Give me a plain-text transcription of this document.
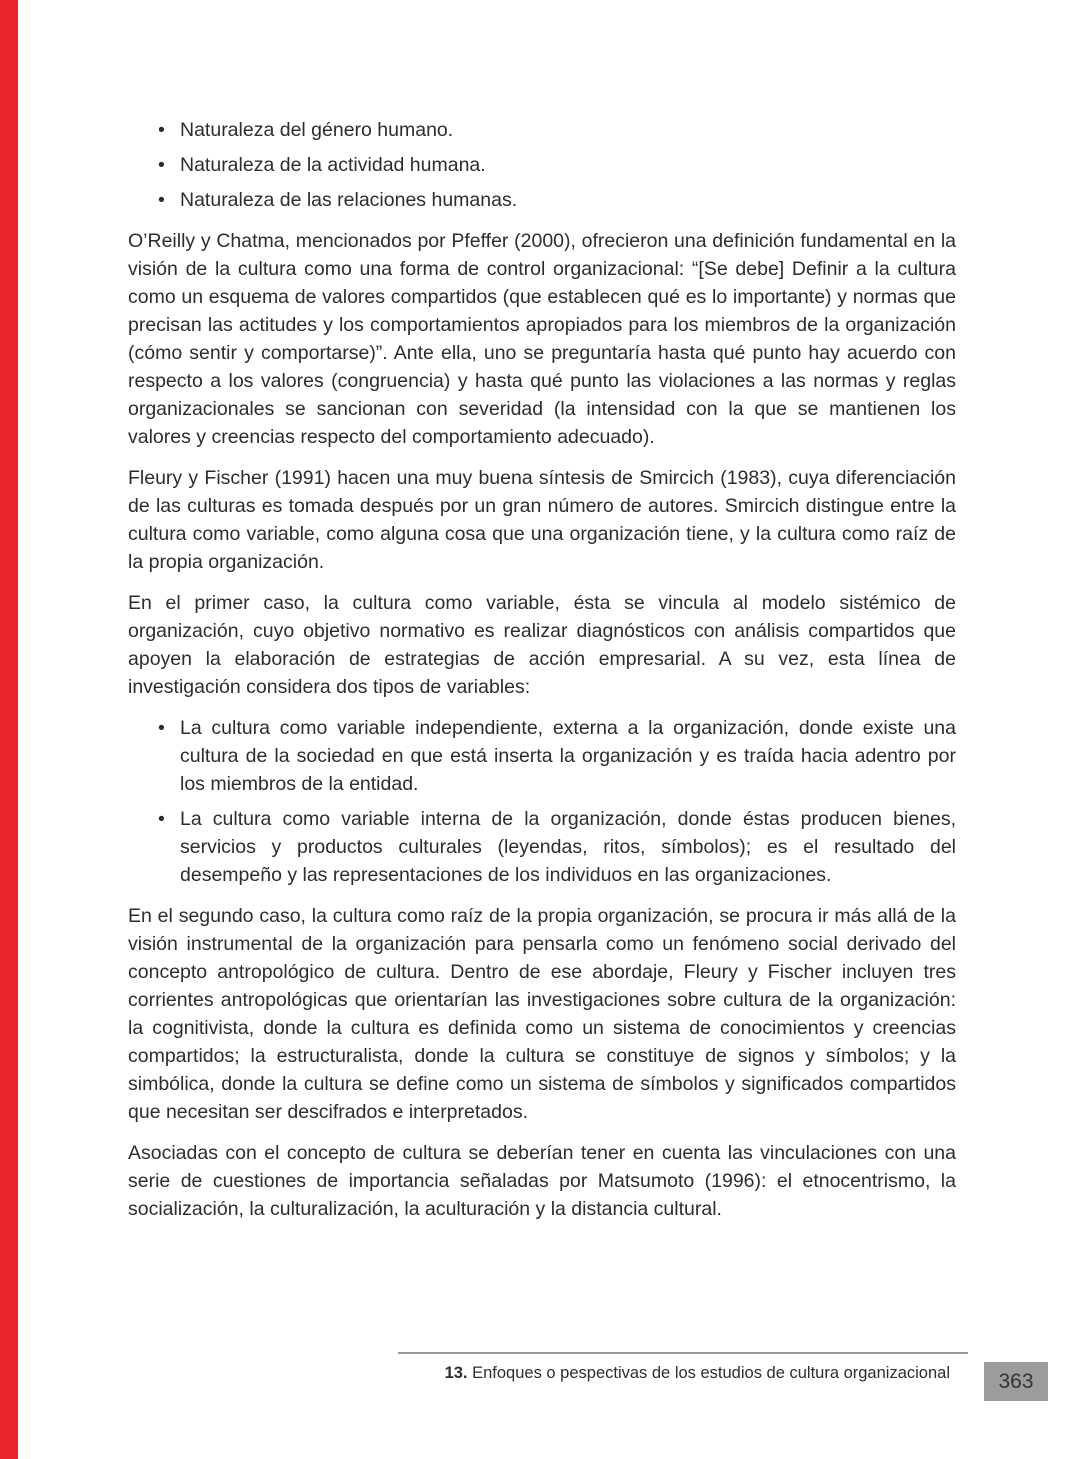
• Naturaleza del género humano.
• Naturaleza de la actividad humana.
• Naturaleza de las relaciones humanas.

O’Reilly y Chatma, mencionados por Pfeffer (2000), ofrecieron una definición fundamental en la visión de la cultura como una forma de control organizacional: “[Se debe] Definir a la cultura como un esquema de valores compartidos (que establecen qué es lo importante) y normas que precisan las actitudes y los comportamientos apropiados para los miembros de la organización (cómo sentir y comportarse)”. Ante ella, uno se preguntaría hasta qué punto hay acuerdo con respecto a los valores (congruencia) y hasta qué punto las violaciones a las normas y reglas organizacionales se sancionan con severidad (la intensidad con la que se mantienen los valores y creencias respecto del comportamiento adecuado).

Fleury y Fischer (1991) hacen una muy buena síntesis de Smircich (1983), cuya diferenciación de las culturas es tomada después por un gran número de autores. Smircich distingue entre la cultura como variable, como alguna cosa que una organización tiene, y la cultura como raíz de la propia organización.

En el primer caso, la cultura como variable, ésta se vincula al modelo sistémico de organización, cuyo objetivo normativo es realizar diagnósticos con análisis compartidos que apoyen la elaboración de estrategias de acción empresarial. A su vez, esta línea de investigación considera dos tipos de variables:

• La cultura como variable independiente, externa a la organización, donde existe una cultura de la sociedad en que está inserta la organización y es traída hacia adentro por los miembros de la entidad.
• La cultura como variable interna de la organización, donde éstas producen bienes, servicios y productos culturales (leyendas, ritos, símbolos); es el resultado del desempeño y las representaciones de los individuos en las organizaciones.

En el segundo caso, la cultura como raíz de la propia organización, se procura ir más allá de la visión instrumental de la organización para pensarla como un fenómeno social derivado del concepto antropológico de cultura. Dentro de ese abordaje, Fleury y Fischer incluyen tres corrientes antropológicas que orientarían las investigaciones sobre cultura de la organización: la cognitivista, donde la cultura es definida como un sistema de conocimientos y creencias compartidos; la estructuralista, donde la cultura se constituye de signos y símbolos; y la simbólica, donde la cultura se define como un sistema de símbolos y significados compartidos que necesitan ser descifrados e interpretados.

Asociadas con el concepto de cultura se deberían tener en cuenta las vinculaciones con una serie de cuestiones de importancia señaladas por Matsumoto (1996): el etnocentrismo, la socialización, la culturalización, la aculturación y la distancia cultural.

13. Enfoques o pespectivas de los estudios de cultura organizacional 363
